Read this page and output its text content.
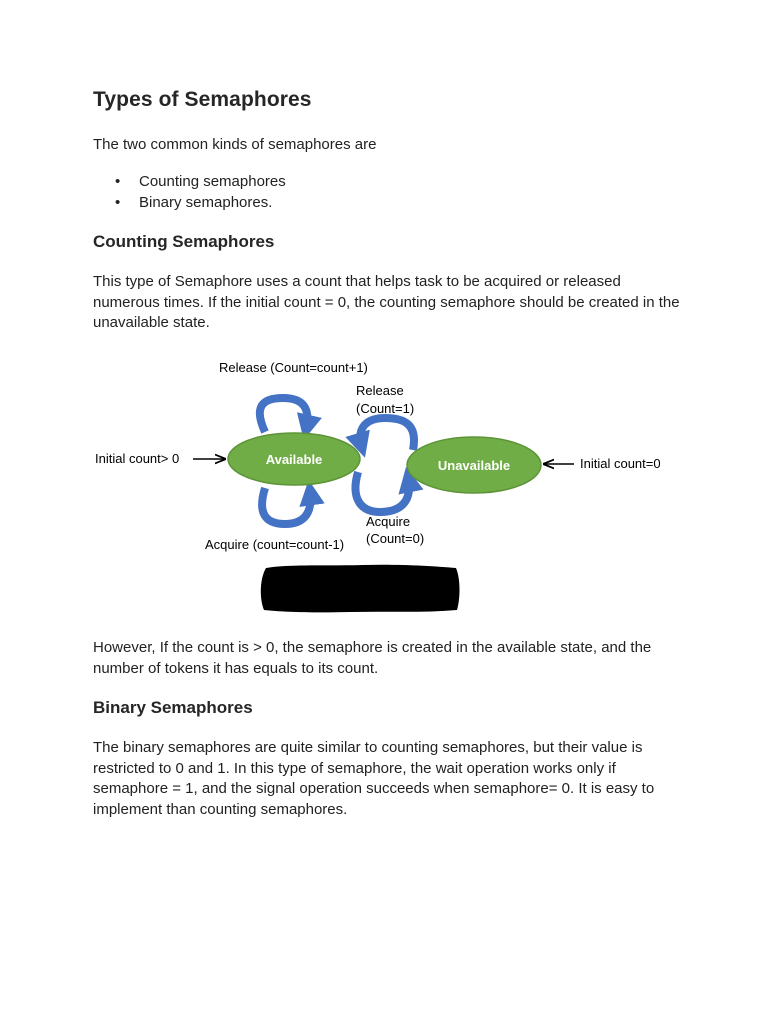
Types of Semaphores

The two common kinds of semaphores are

• Counting semaphores
• Binary semaphores.
Counting Semaphores

This type of Semaphore uses a count that helps task to be acquired or released numerous times. If the initial count = 0, the counting semaphore should be created in the unavailable state.

Release (Count=count+1)
Release
(Count=1)
Acquire
(Count=0)
Initial count> 0	Available	Unavailable	Initial count=0
Acquire (count=count-1)

However, If the count is > 0, the semaphore is created in the available state, and the number of tokens it has equals to its count.

Binary Semaphores

The binary semaphores are quite similar to counting semaphores, but their value is restricted to 0 and 1. In this type of semaphore, the wait operation works only if semaphore = 1, and the signal operation succeeds when semaphore= 0. It is easy to implement than counting semaphores.
